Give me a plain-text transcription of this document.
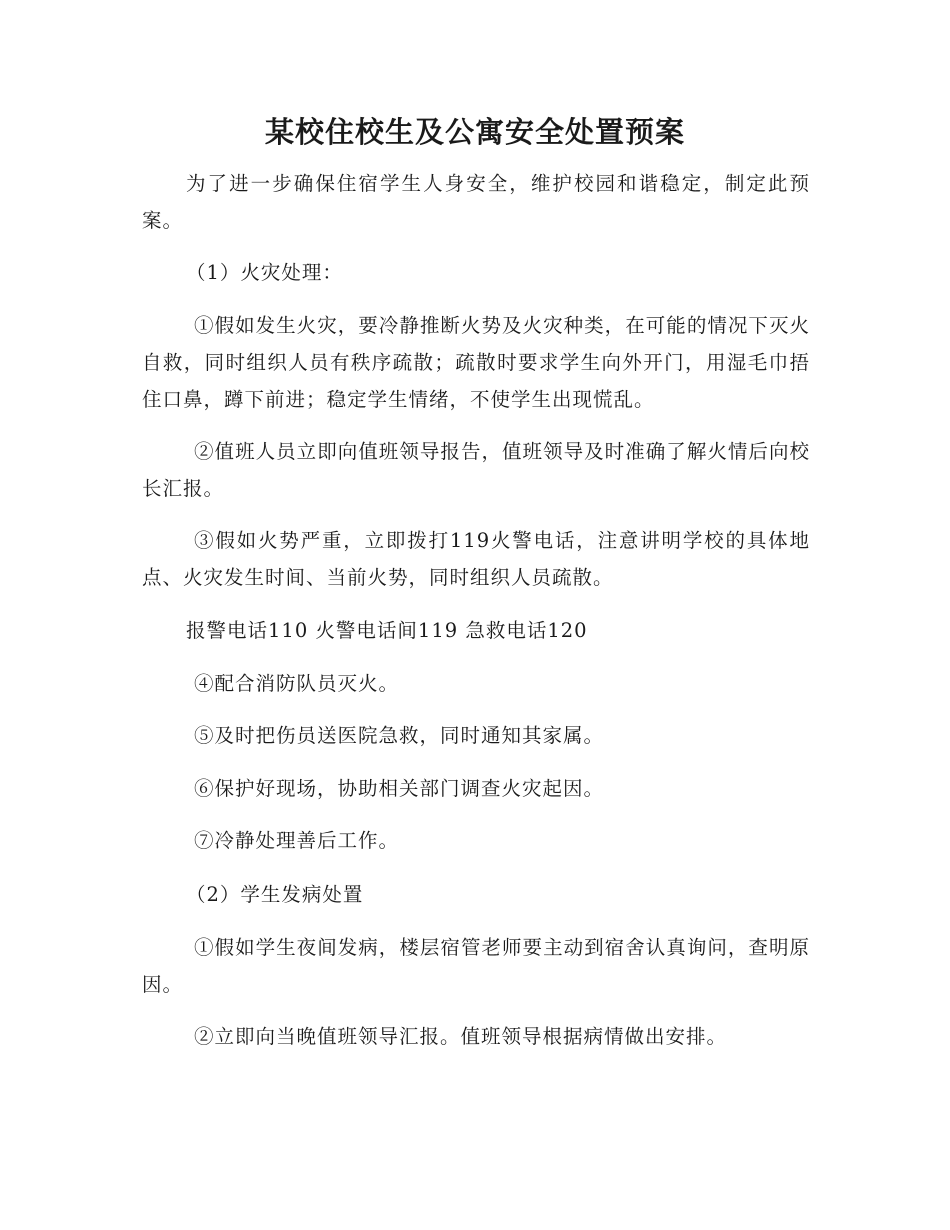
某校住校生及公寓安全处置预案
为了进一步确保住宿学生人身安全，维护校园和谐稳定，制定此预案。
（1）火灾处理：
①假如发生火灾，要冷静推断火势及火灾种类，在可能的情况下灭火自救，同时组织人员有秩序疏散；疏散时要求学生向外开门，用湿毛巾捂住口鼻，蹲下前进；稳定学生情绪，不使学生出现慌乱。
②值班人员立即向值班领导报告，值班领导及时准确了解火情后向校长汇报。
③假如火势严重，立即拨打119火警电话，注意讲明学校的具体地点、火灾发生时间、当前火势，同时组织人员疏散。
报警电话110 火警电话间119 急救电话120
④配合消防队员灭火。
⑤及时把伤员送医院急救，同时通知其家属。
⑥保护好现场，协助相关部门调查火灾起因。
⑦冷静处理善后工作。
（2）学生发病处置
①假如学生夜间发病，楼层宿管老师要主动到宿舍认真询问，查明原因。
②立即向当晚值班领导汇报。值班领导根据病情做出安排。
